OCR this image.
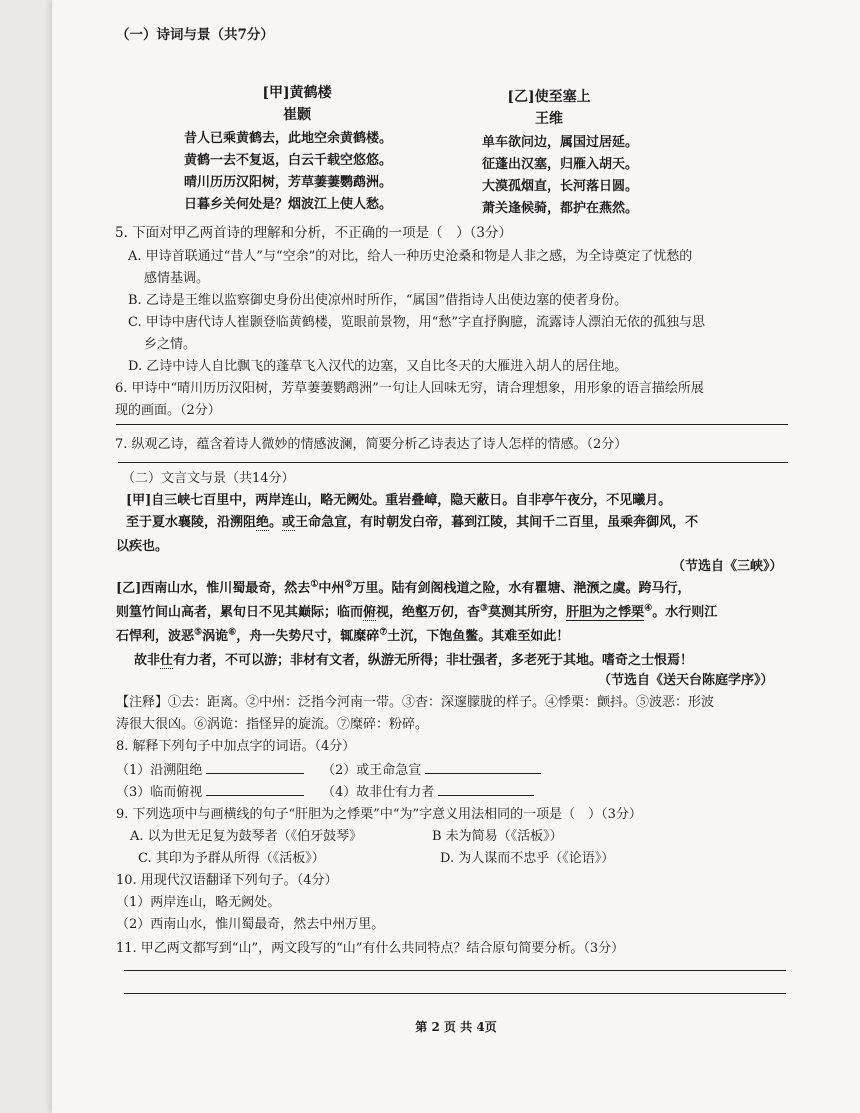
（一）诗词与景（共7分）
[甲]黄鹤楼
崔颢
昔人已乘黄鹤去，此地空余黄鹤楼。
黄鹤一去不复返，白云千载空悠悠。
晴川历历汉阳树，芳草萋萋鹦鹉洲。
日暮乡关何处是？烟波江上使人愁。
[乙]使至塞上
王维
单车欲问边，属国过居延。
征蓬出汉塞，归雁入胡天。
大漠孤烟直，长河落日圆。
萧关逢候骑，都护在燕然。
5. 下面对甲乙两首诗的理解和分析，不正确的一项是（　）（3分）
A. 甲诗首联通过“昔人”与“空余”的对比，给人一种历史沧桑和物是人非之感，为全诗奠定了忧愁的
感情基调。
B. 乙诗是王维以监察御史身份出使凉州时所作，“属国”借指诗人出使边塞的使者身份。
C. 甲诗中唐代诗人崔颢登临黄鹤楼，览眼前景物，用“愁”字直抒胸臆，流露诗人漂泊无依的孤独与思
乡之情。
D. 乙诗中诗人自比飘飞的蓬草飞入汉代的边塞，又自比冬天的大雁进入胡人的居住地。
6. 甲诗中“晴川历历汉阳树，芳草萋萋鹦鹉洲”一句让人回味无穷，请合理想象，用形象的语言描绘所展
现的画面。（2分）
7. 纵观乙诗，蕴含着诗人微妙的情感波澜，简要分析乙诗表达了诗人怎样的情感。（2分）
（二）文言文与景（共14分）
[甲]自三峡七百里中，两岸连山，略无阙处。重岩叠嶂，隐天蔽日。自非亭午夜分，不见曦月。
至于夏水襄陵，沿溯阻绝。或王命急宣，有时朝发白帝，暮到江陵，其间千二百里，虽乘奔御风，不
以疾也。
（节选自《三峡》）
[乙]西南山水，惟川蜀最奇，然去①中州②万里。陆有剑阁栈道之险，水有瞿塘、滟滪之虞。跨马行，
则篁竹间山高者，累旬日不见其巅际；临而俯视，绝壑万仞，杳③莫测其所穷，肝胆为之悸栗④。水行则江
石悍利，波恶⑤涡诡⑥，舟一失势尺寸，辄糜碎⑦土沉，下饱鱼鳖。其难至如此！
故非仕有力者，不可以游；非材有文者，纵游无所得；非壮强者，多老死于其地。嗜奇之士恨焉！
（节选自《送天台陈庭学序》）
【注释】①去：距离。②中州：泛指今河南一带。③杳：深邃朦胧的样子。④悸栗：颤抖。⑤波恶：形波
涛很大很凶。⑥涡诡：指怪异的旋流。⑦糜碎：粉碎。
8. 解释下列句子中加点字的词语。（4分）
（1）沿溯阻绝	（2）或王命急宣
（3）临而俯视	（4）故非仕有力者
9. 下列选项中与画横线的句子“肝胆为之悸栗”中“为”字意义用法相同的一项是（　）（3分）
A. 以为世无足复为鼓琴者（《伯牙鼓琴》	B 未为简易（《活板》）
C. 其印为予群从所得（《活板》）	D. 为人谋而不忠乎（《论语》）
10. 用现代汉语翻译下列句子。（4分）
（1）两岸连山，略无阙处。
（2）西南山水，惟川蜀最奇，然去中州万里。
11. 甲乙两文都写到“山”，两文段写的“山”有什么共同特点？结合原句简要分析。（3分）
第 2 页 共 4页
